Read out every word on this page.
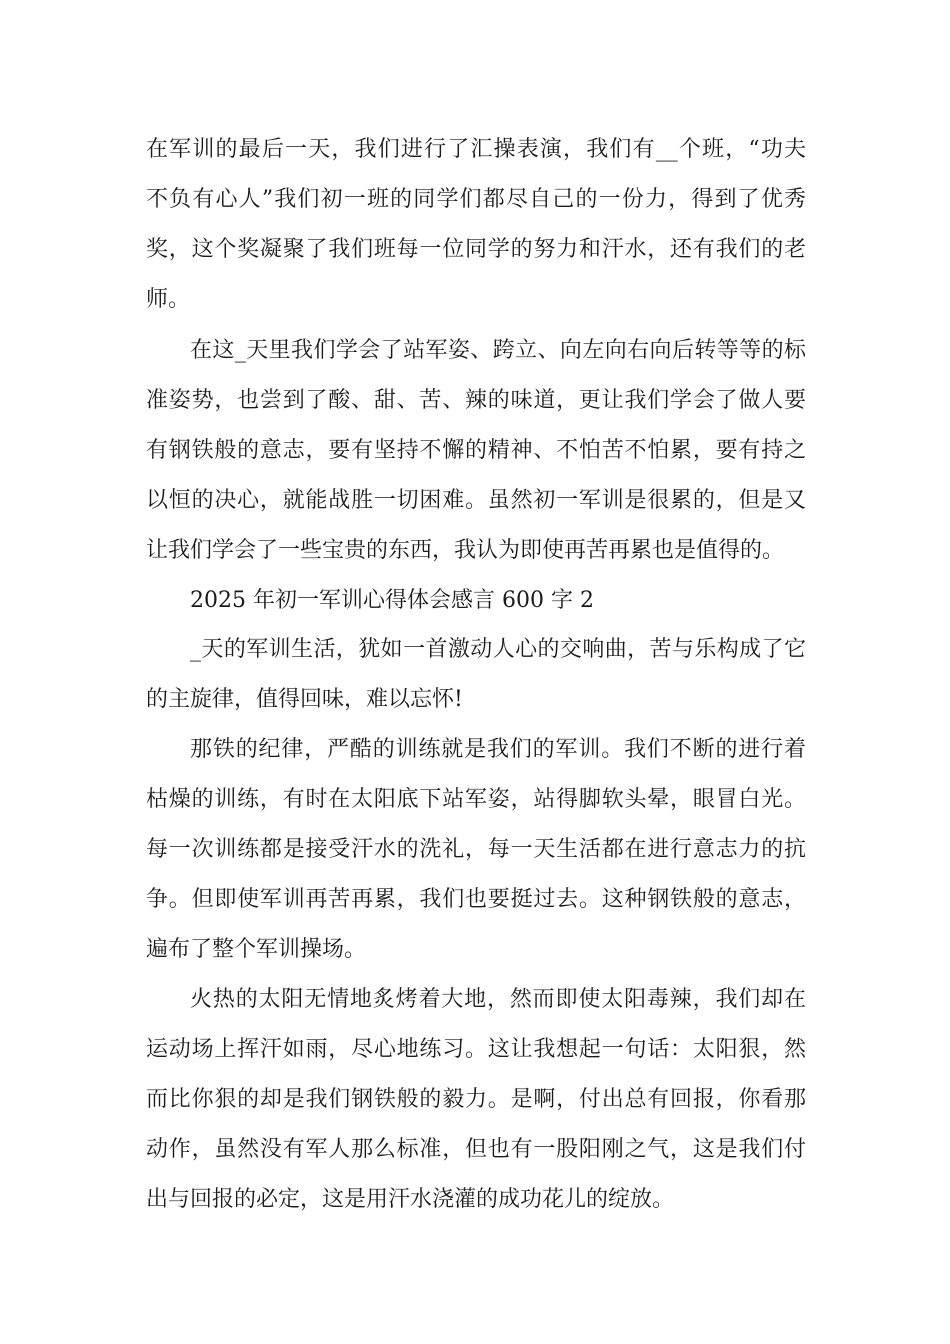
在军训的最后一天，我们进行了汇操表演，我们有__个班，“功夫
不负有心人”我们初一班的同学们都尽自己的一份力，得到了优秀
奖，这个奖凝聚了我们班每一位同学的努力和汗水，还有我们的老
师。
在这_天里我们学会了站军姿、跨立、向左向右向后转等等的标
准姿势，也尝到了酸、甜、苦、辣的味道，更让我们学会了做人要
有钢铁般的意志，要有坚持不懈的精神、不怕苦不怕累，要有持之
以恒的决心，就能战胜一切困难。虽然初一军训是很累的，但是又
让我们学会了一些宝贵的东西，我认为即使再苦再累也是值得的。
2025 年初一军训心得体会感言 600 字 2
_天的军训生活，犹如一首激动人心的交响曲，苦与乐构成了它
的主旋律，值得回味，难以忘怀!
那铁的纪律，严酷的训练就是我们的军训。我们不断的进行着
枯燥的训练，有时在太阳底下站军姿，站得脚软头晕，眼冒白光。
每一次训练都是接受汗水的洗礼，每一天生活都在进行意志力的抗
争。但即使军训再苦再累，我们也要挺过去。这种钢铁般的意志，
遍布了整个军训操场。
火热的太阳无情地炙烤着大地，然而即使太阳毒辣，我们却在
运动场上挥汗如雨，尽心地练习。这让我想起一句话：太阳狠，然
而比你狠的却是我们钢铁般的毅力。是啊，付出总有回报，你看那
动作，虽然没有军人那么标准，但也有一股阳刚之气，这是我们付
出与回报的必定，这是用汗水浇灌的成功花儿的绽放。
